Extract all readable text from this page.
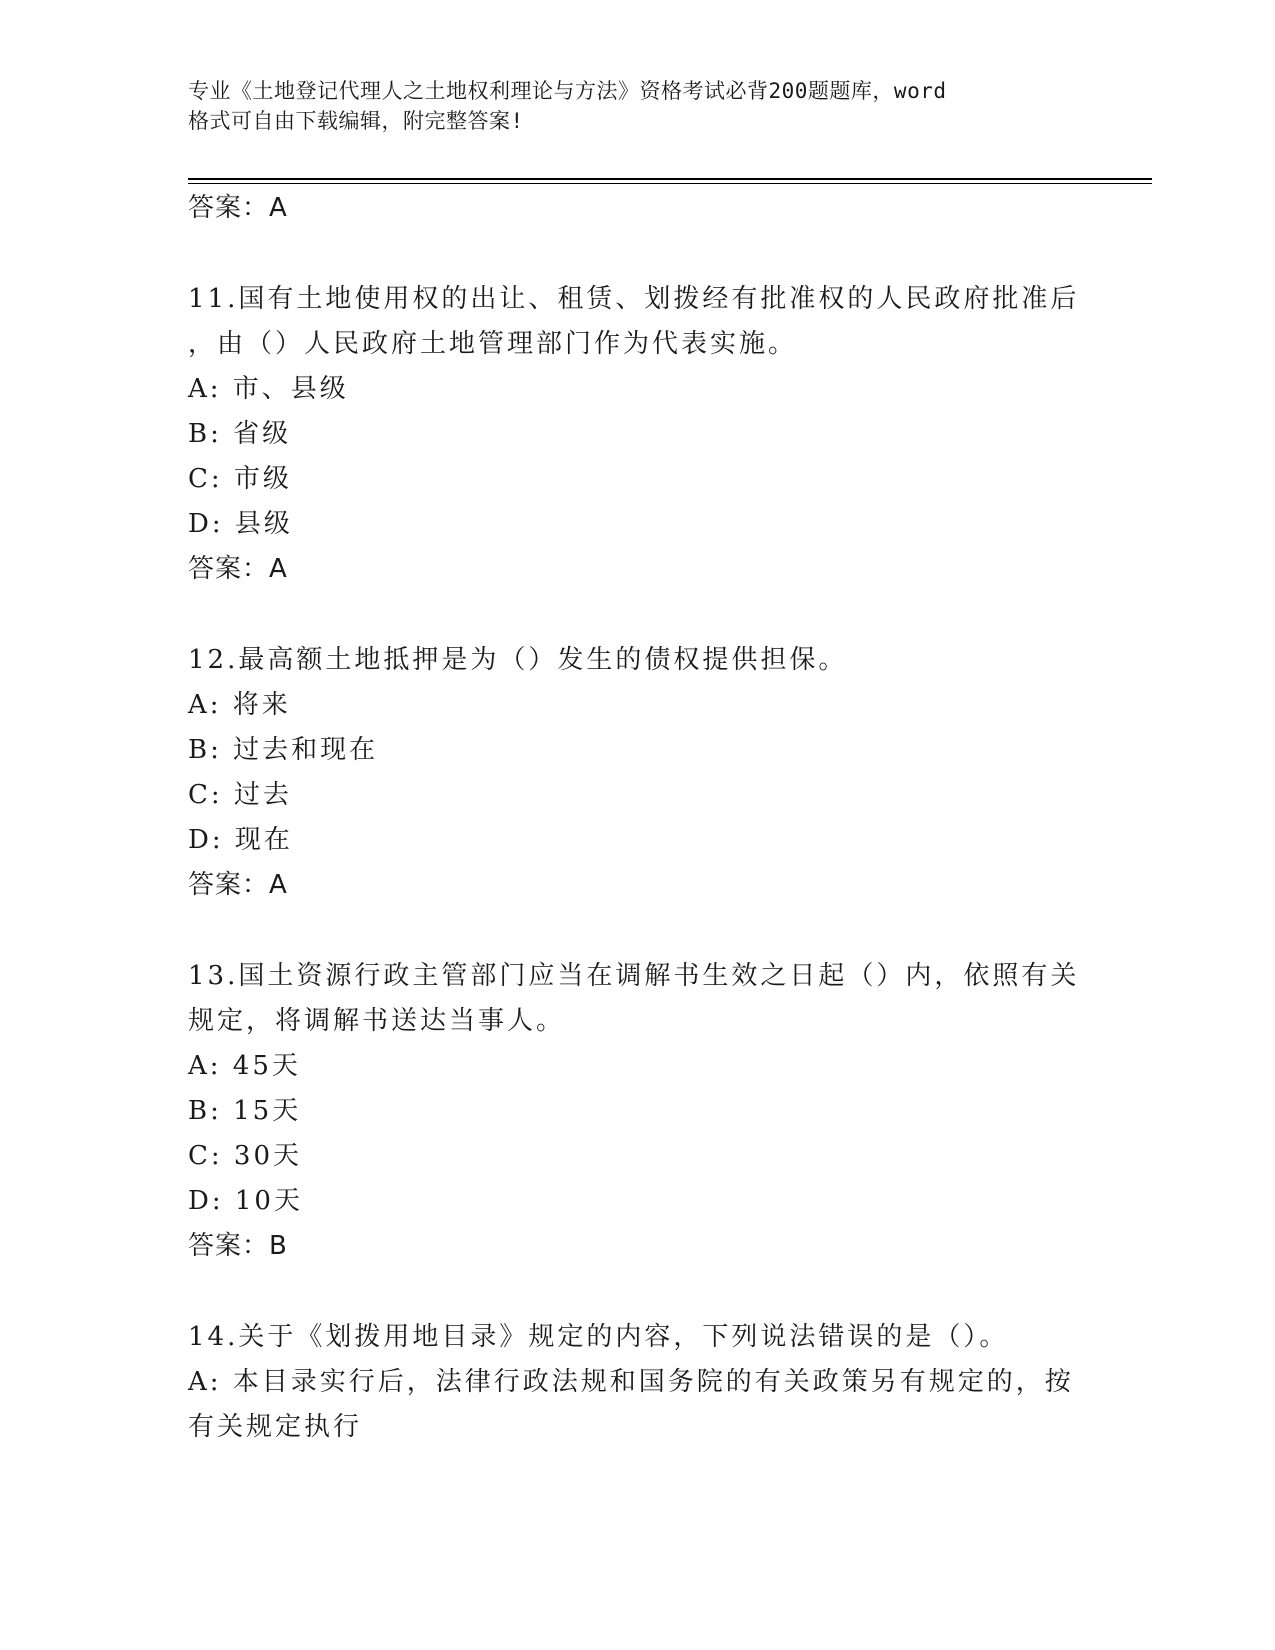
专业《土地登记代理人之土地权利理论与方法》资格考试必背200题题库，word
格式可自由下载编辑，附完整答案!
答案：A
11.国有土地使用权的出让、租赁、划拨经有批准权的人民政府批准后
，由（）人民政府土地管理部门作为代表实施。
A: 市、县级
B: 省级
C: 市级
D: 县级
答案：A
12.最高额土地抵押是为（）发生的债权提供担保。
A: 将来
B: 过去和现在
C: 过去
D: 现在
答案：A
13.国土资源行政主管部门应当在调解书生效之日起（）内，依照有关
规定，将调解书送达当事人。
A: 45天
B: 15天
C: 30天
D: 10天
答案：B
14.关于《划拨用地目录》规定的内容，下列说法错误的是（）。
A: 本目录实行后，法律行政法规和国务院的有关政策另有规定的，按
有关规定执行
